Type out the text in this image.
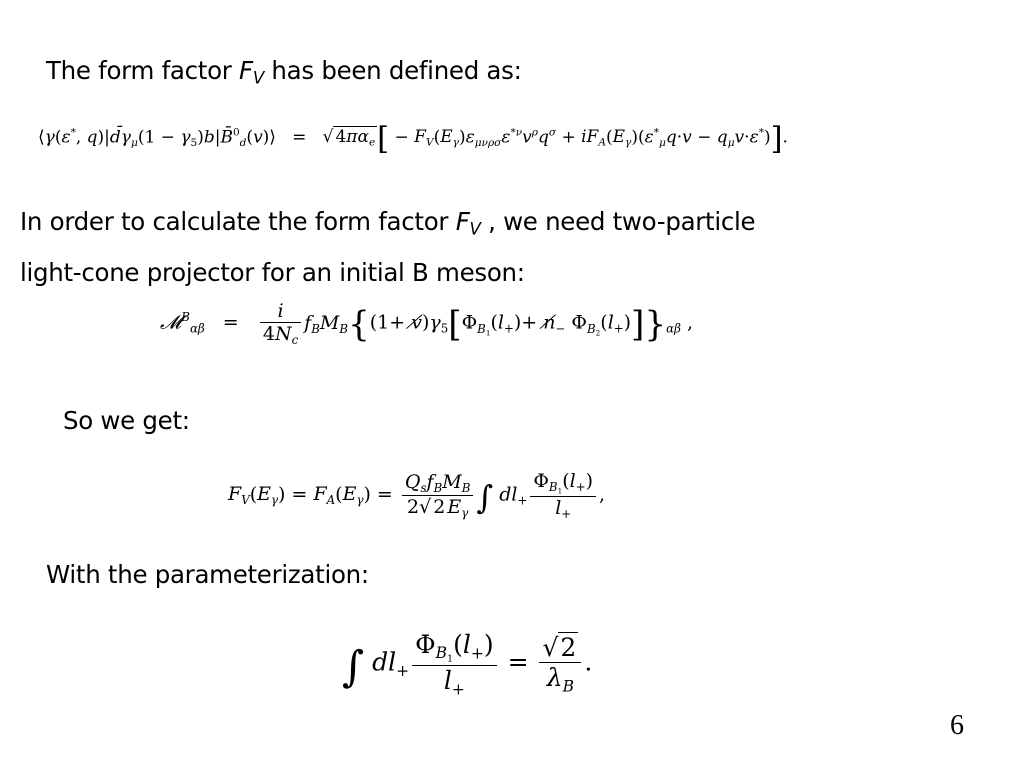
The form factor $F_V$ has been defined as:
⟨γ(ε*, $q)|d̄\gamma_\mu(1$ − $\gamma_5)b|B̄^0_d(v)⟩$   =   √ $4\pi\alpha_e[ - F_V(E_\gamma)\varepsilon_{\mu\nu\rho\sigma}\varepsilon^{*\nu}v^\rho q^\sigma + iF_A(E_\gamma)(\varepsilon^*_\mu q\cdot v - q_\mu v\cdot\varepsilon^*)]$.
In order to calculate the form factor $F_V$ , we need two-particle
light-cone projector for an initial B meson:
𝓜$^B_{\alpha\beta}$   = $\frac{i}{4N_c} f_BM_B\{(1+$ $v̸)\gamma_5[\Phi_{B_1}(l_+)+$ $n̸_-$ $\Phi_{B_2}(l_+)]\}_{\alpha\beta}$ ,
So we get:
$F_V(E_\gamma) = F_A(E_\gamma) = \frac{Q_sf_BM_B}{2√ 2 E_\gamma}$ ∫ $dl_+ \frac{\Phi_{B_1}(l_+)}{l_+}$ ,
With the parameterization:
∫ $dl_+ \frac{\Phi_{B_1}(l_+)}{l_+} = \frac{√2}{\lambda_B}$ .
6
